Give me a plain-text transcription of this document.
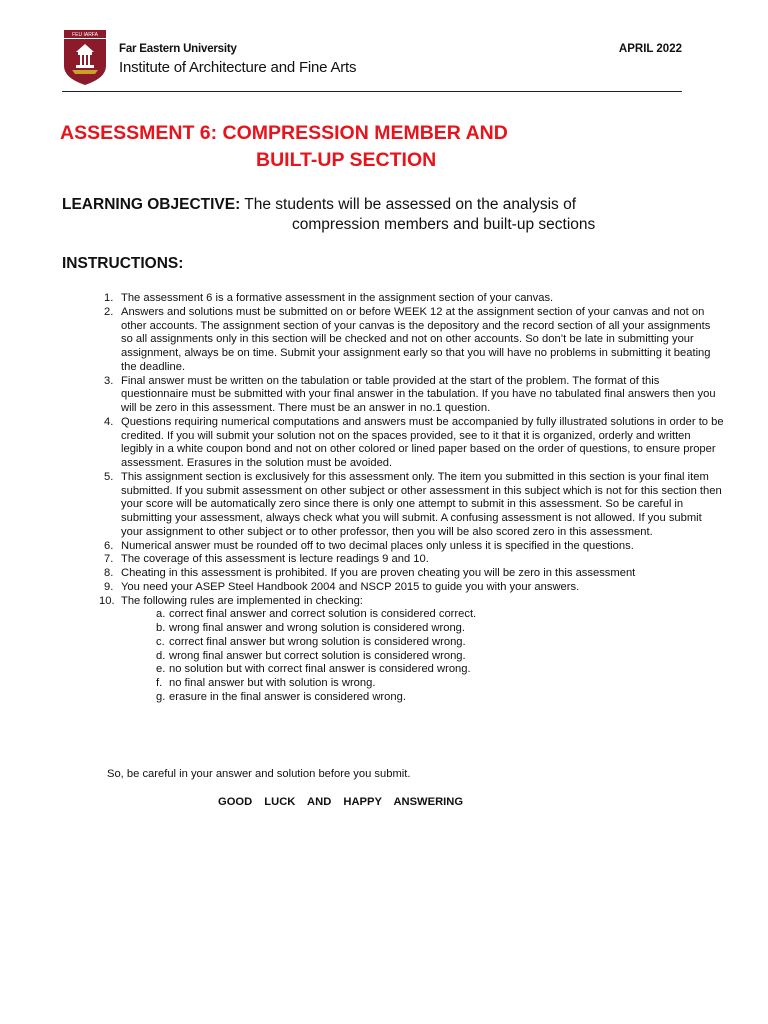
FEU IARFA
Far Eastern University
Institute of Architecture and Fine Arts
APRIL 2022
ASSESSMENT 6: COMPRESSION MEMBER AND
BUILT-UP SECTION
LEARNING OBJECTIVE: The students will be assessed on the analysis of
compression members and built-up sections
INSTRUCTIONS:
1. The assessment 6 is a formative assessment in the assignment section of your canvas.
2. Answers and solutions must be submitted on or before WEEK 12 at the assignment section of your canvas and not on other accounts. The assignment section of your canvas is the depository and the record section of all your assignments so all assignments only in this section will be checked and not on other accounts. So don’t be late in submitting your assignment, always be on time. Submit your assignment early so that you will have no problems in submitting it beating the deadline.
3. Final answer must be written on the tabulation or table provided at the start of the problem. The format of this questionnaire must be submitted with your final answer in the tabulation. If you have no tabulated final answers then you will be zero in this assessment. There must be an answer in no.1 question.
4. Questions requiring numerical computations and answers must be accompanied by fully illustrated solutions in order to be credited. If you will submit your solution not on the spaces provided, see to it that it is organized, orderly and written legibly in a white coupon bond and not on other colored or lined paper based on the order of questions, to ensure proper assessment. Erasures in the solution must be avoided.
5. This assignment section is exclusively for this assessment only. The item you submitted in this section is your final item submitted. If you submit assessment on other subject or other assessment in this subject which is not for this section then your score will be automatically zero since there is only one attempt to submit in this assessment. So be careful in submitting your assessment, always check what you will submit. A confusing assessment is not allowed. If you submit your assignment to other subject or to other professor, then you will be also scored zero in this assessment.
6. Numerical answer must be rounded off to two decimal places only unless it is specified in the questions.
7. The coverage of this assessment is lecture readings 9 and 10.
8. Cheating in this assessment is prohibited. If you are proven cheating you will be zero in this assessment
9. You need your ASEP Steel Handbook 2004 and NSCP 2015 to guide you with your answers.
10. The following rules are implemented in checking:
a. correct final answer and correct solution is considered correct.
b. wrong final answer and wrong solution is considered wrong.
c. correct final answer but wrong solution is considered wrong.
d. wrong final answer but correct solution is considered wrong.
e. no solution but with correct final answer is considered wrong.
f. no final answer but with solution is wrong.
g. erasure in the final answer is considered wrong.
So, be careful in your answer and solution before you submit.
GOOD LUCK AND HAPPY ANSWERING
